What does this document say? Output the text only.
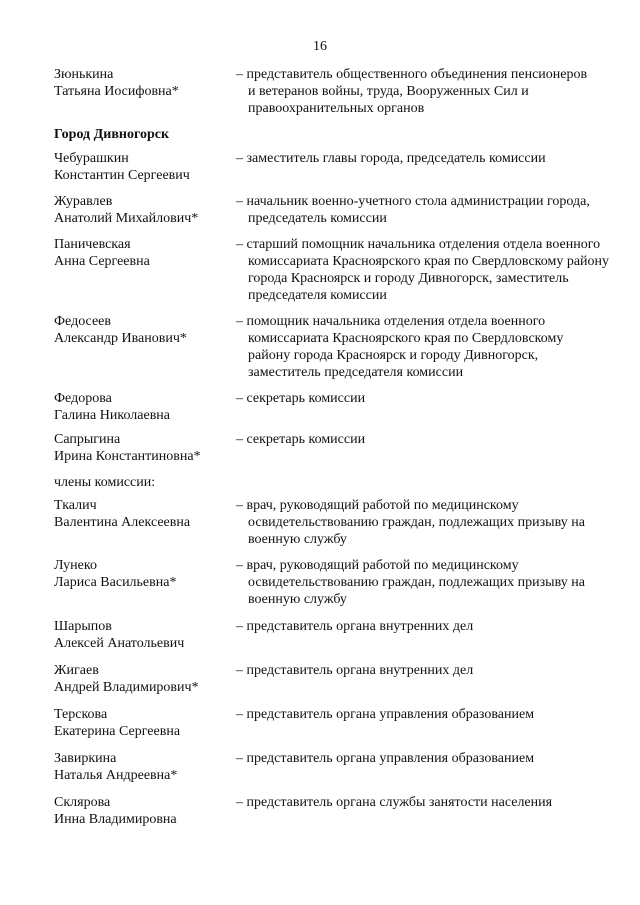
16
Зюнькина
Татьяна Иосифовна*
– представитель общественного объединения пенсионеров и ветеранов войны, труда, Вооруженных Сил и правоохранительных органов
Город Дивногорск
Чебурашкин
Константин Сергеевич
– заместитель главы города, председатель комиссии
Журавлев
Анатолий Михайлович*
– начальник военно-учетного стола администрации города, председатель комиссии
Паничевская
Анна Сергеевна
– старший помощник начальника отделения отдела военного комиссариата Красноярского края по Свердловскому району города Красноярск и городу Дивногорск, заместитель председателя комиссии
Федосеев
Александр Иванович*
– помощник начальника отделения отдела военного комиссариата Красноярского края по Свердловскому району города Красноярск и городу Дивногорск, заместитель председателя комиссии
Федорова
Галина Николаевна
– секретарь комиссии
Сапрыгина
Ирина Константиновна*
– секретарь комиссии
члены комиссии:
Ткалич
Валентина Алексеевна
– врач, руководящий работой по медицинскому освидетельствованию граждан, подлежащих призыву на военную службу
Лунеко
Лариса Васильевна*
– врач, руководящий работой по медицинскому освидетельствованию граждан, подлежащих призыву на военную службу
Шарыпов
Алексей Анатольевич
– представитель органа внутренних дел
Жигаев
Андрей Владимирович*
– представитель органа внутренних дел
Терскова
Екатерина Сергеевна
– представитель органа управления образованием
Завиркина
Наталья Андреевна*
– представитель органа управления образованием
Склярова
Инна Владимировна
– представитель органа службы занятости населения
